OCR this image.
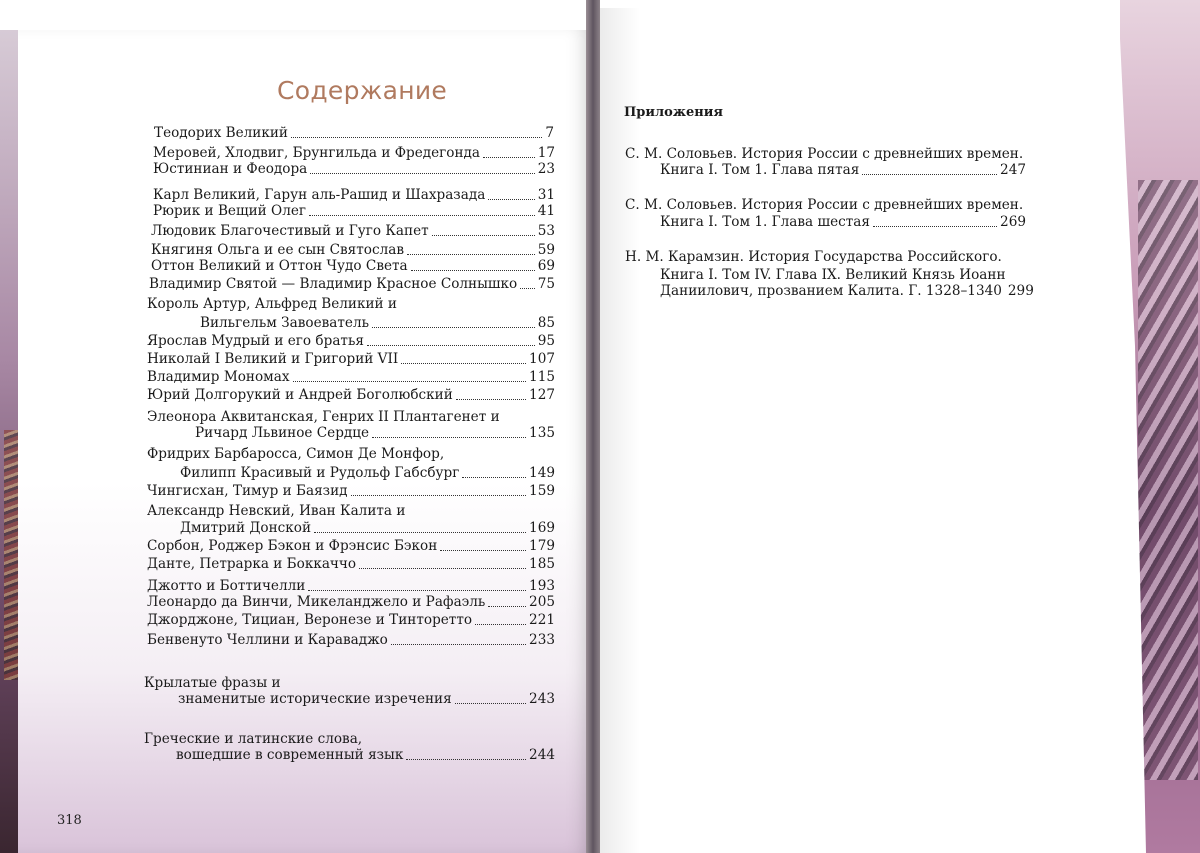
Содержание
318
Теодорих Великий	7
Меровей, Хлодвиг, Брунгильда и Фредегонда	17
Юстиниан и Феодора	23
Карл Великий, Гарун аль-Рашид и Шахразада	31
Рюрик и Вещий Олег	41
Людовик Благочестивый и Гуго Капет	53
Княгиня Ольга и ее сын Святослав	59
Оттон Великий и Оттон Чудо Света	69
Владимир Святой — Владимир Красное Солнышко 75
Король Артур, Альфред Великий и
Вильгельм Завоеватель	85
Ярослав Мудрый и его братья	95
Николай I Великий и Григорий VII	107
Владимир Мономах	115
Юрий Долгорукий и Андрей Боголюбский	127
Элеонора Аквитанская, Генрих II Плантагенет и
Ричард Львиное Сердце	135
Фридрих Барбаросса, Симон Де Монфор,
Филипп Красивый и Рудольф Габсбург	149
Чингисхан, Тимур и Баязид	159
Александр Невский, Иван Калита и
Дмитрий Донской	169
Сорбон, Роджер Бэкон и Фрэнсис Бэкон	179
Данте, Петрарка и Боккаччо	185
Джотто и Боттичелли	193
Леонардо да Винчи, Микеланджело и Рафаэль	205
Джорджоне, Тициан, Веронезе и Тинторетто	221
Бенвенуто Челлини и Караваджо	233
Крылатые фразы и
знаменитые исторические изречения	243
Греческие и латинские слова,
вошедшие в современный язык	244
Приложения
С. М. Соловьев. История России с древнейших времен.
Книга I. Том 1. Глава пятая	247
С. М. Соловьев. История России с древнейших времен.
Книга I. Том 1. Глава шестая	269
Н. М. Карамзин. История Государства Российского.
Книга I. Том IV. Глава IX. Великий Князь Иоанн
Даниилович, прозванием Калита. Г. 1328–1340 299
